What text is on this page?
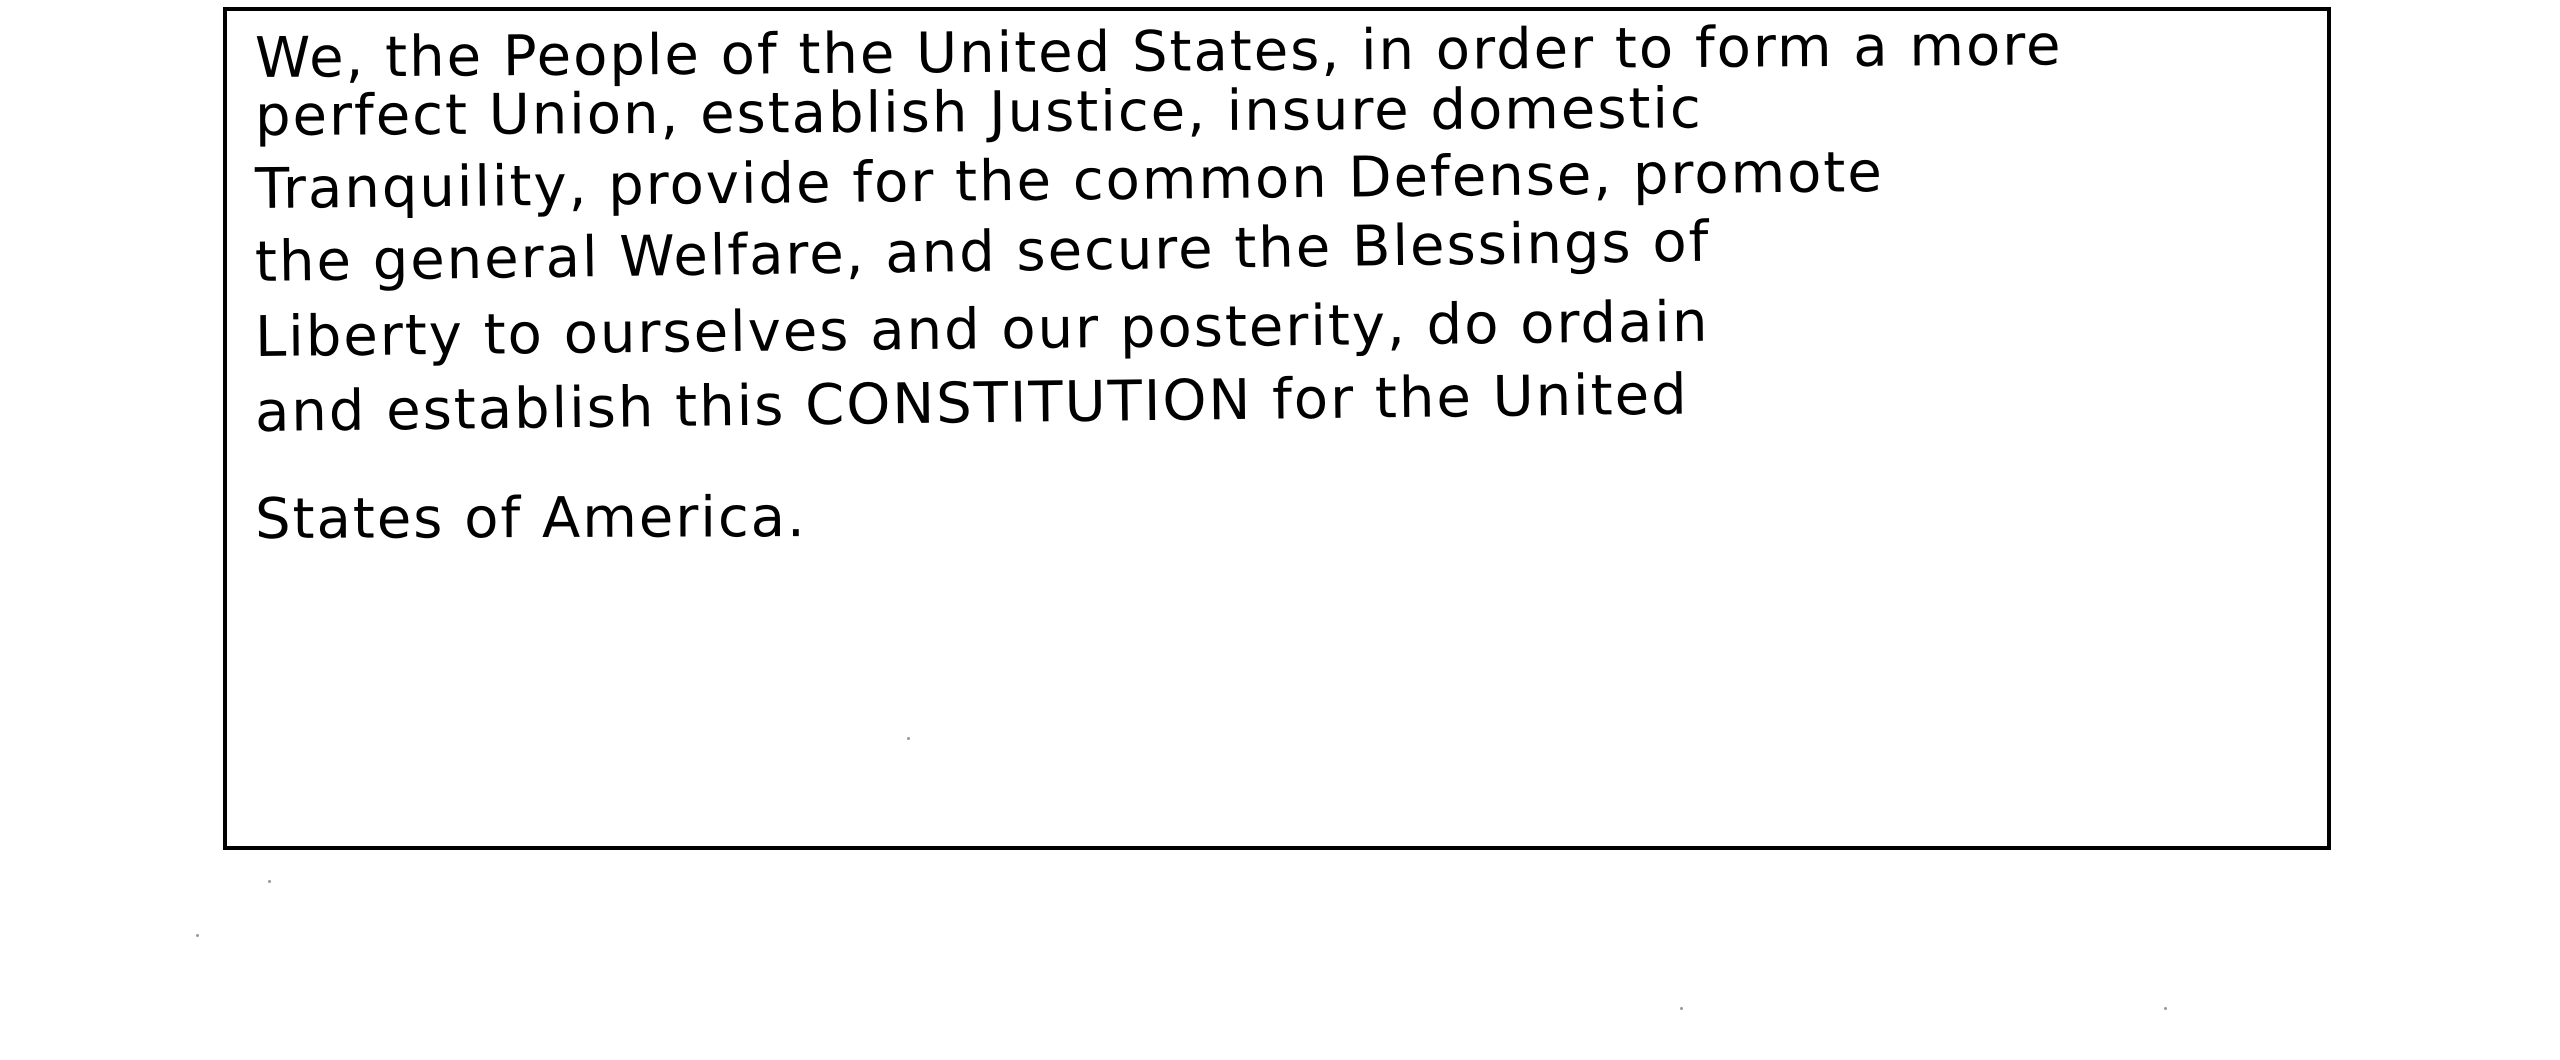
We, the People of the United States, in order to form a more
perfect Union, establish Justice, insure domestic
Tranquility, provide for the common Defense, promote
the general Welfare, and secure the Blessings of
Liberty to ourselves and our posterity, do ordain
and establish this CONSTITUTION for the United
States of America.
